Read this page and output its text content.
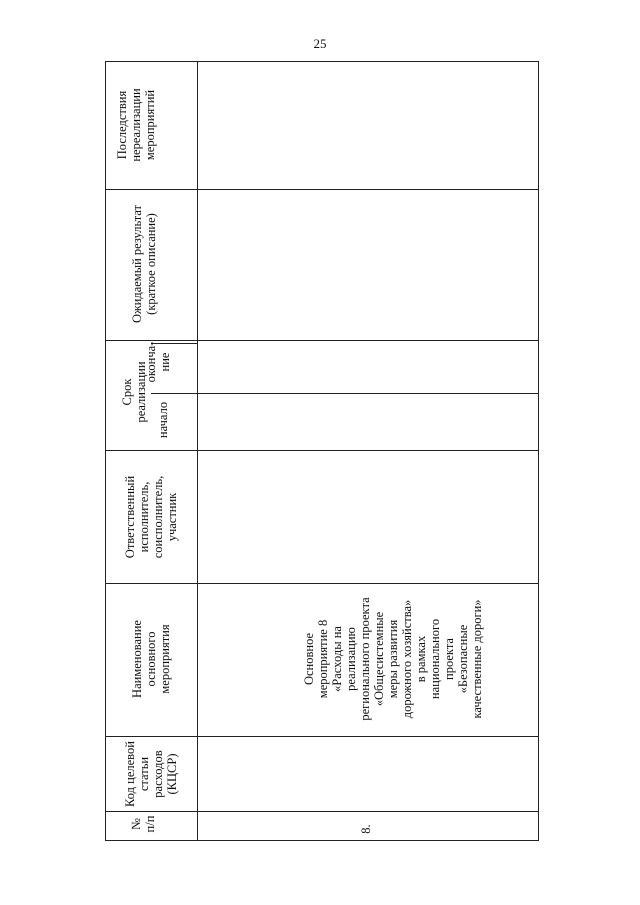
25
Последствия
нереализации
мероприятий
Ожидаемый результат
(краткое описание)
Срок
реализации
оконча-
ние
начало
Ответственный
исполнитель,
соисполнитель,
участник
Наименование
основного
мероприятия
Код целевой
статьи
расходов
(КЦСР)
№
п/п
Основное
мероприятие 8
«Расходы на
реализацию
регионального проекта
«Общесистемные
меры развития
дорожного хозяйства»
в рамках
национального
проекта
«Безопасные
качественные дороги»
8.
